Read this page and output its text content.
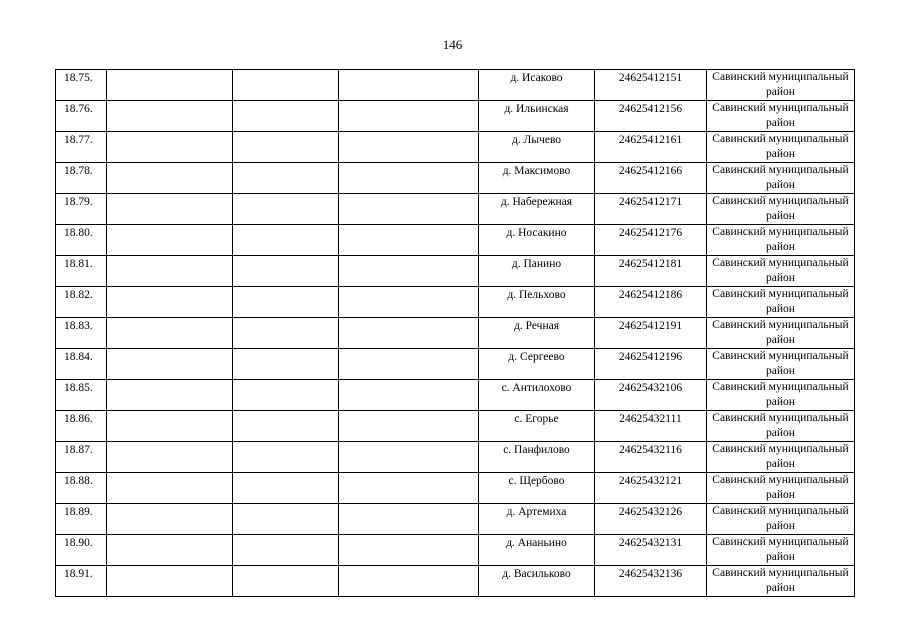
146
18.75.				д. Исаково	24625412151	Савинский муниципальный район
18.76.				д. Ильинская	24625412156	Савинский муниципальный район
18.77.				д. Лычево	24625412161	Савинский муниципальный район
18.78.				д. Максимово	24625412166	Савинский муниципальный район
18.79.				д. Набережная	24625412171	Савинский муниципальный район
18.80.				д. Носакино	24625412176	Савинский муниципальный район
18.81.				д. Панино	24625412181	Савинский муниципальный район
18.82.				д. Пельхово	24625412186	Савинский муниципальный район
18.83.				д. Речная	24625412191	Савинский муниципальный район
18.84.				д. Сергеево	24625412196	Савинский муниципальный район
18.85.				с. Антилохово	24625432106	Савинский муниципальный район
18.86.				с. Егорье	24625432111	Савинский муниципальный район
18.87.				с. Панфилово	24625432116	Савинский муниципальный район
18.88.				с. Щербово	24625432121	Савинский муниципальный район
18.89.				д. Артемиха	24625432126	Савинский муниципальный район
18.90.				д. Ананьино	24625432131	Савинский муниципальный район
18.91.				д. Васильково	24625432136	Савинский муниципальный район
